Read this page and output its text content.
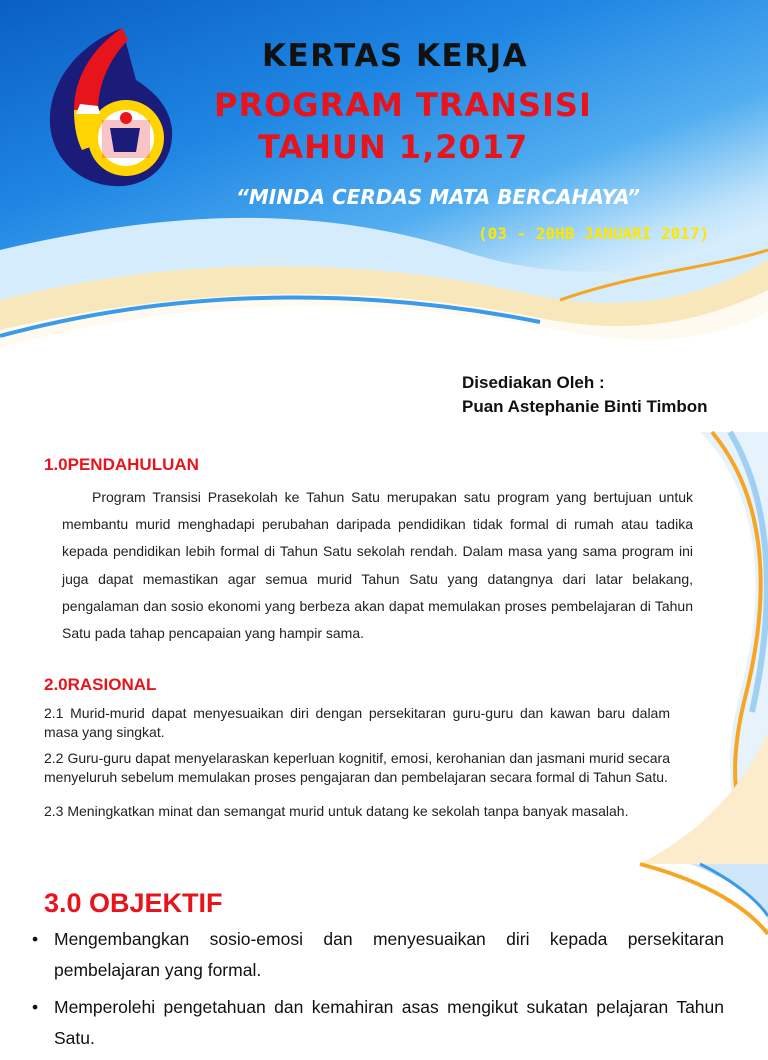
KERTAS KERJA
PROGRAM TRANSISI
TAHUN 1,2017

“MINDA CERDAS MATA BERCAHAYA”

(03 - 20HB JANUARI 2017)

Disediakan Oleh :
Puan Astephanie Binti Timbon
1.0PENDAHULUAN

Program Transisi Prasekolah ke Tahun Satu merupakan satu program yang bertujuan untuk membantu murid menghadapi perubahan daripada pendidikan tidak formal di rumah atau tadika kepada pendidikan lebih formal di Tahun Satu sekolah rendah. Dalam masa yang sama program ini juga dapat memastikan agar semua murid Tahun Satu yang datangnya dari latar belakang, pengalaman dan sosio ekonomi yang berbeza akan dapat memulakan proses pembelajaran di Tahun Satu pada tahap pencapaian yang hampir sama.

2.0RASIONAL

2.1 Murid-murid dapat menyesuaikan diri dengan persekitaran guru-guru dan kawan baru dalam masa yang singkat.

2.2 Guru-guru dapat menyelaraskan keperluan kognitif, emosi, kerohanian dan jasmani murid secara menyeluruh sebelum memulakan proses pengajaran dan pembelajaran secara formal di Tahun Satu.

2.3 Meningkatkan minat dan semangat murid untuk datang ke sekolah tanpa banyak masalah.

3.0 OBJEKTIF
• Mengembangkan sosio-emosi dan menyesuaikan diri kepada persekitaran pembelajaran yang formal.
• Memperolehi pengetahuan dan kemahiran asas mengikut sukatan pelajaran Tahun Satu.
